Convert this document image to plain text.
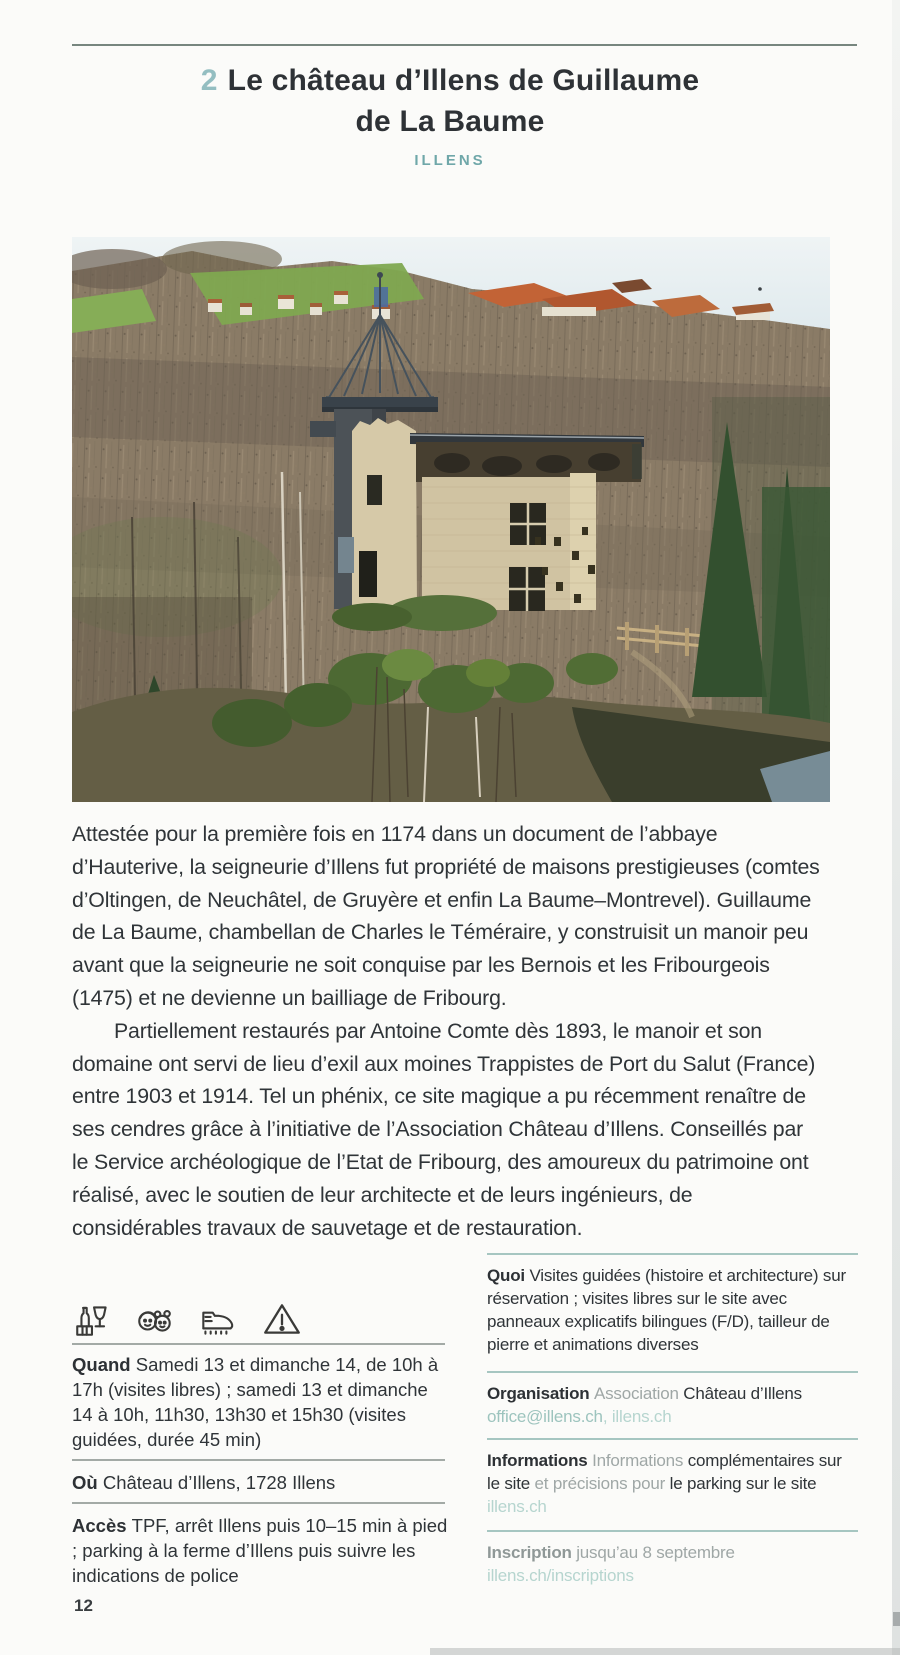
2 Le château d’Illens de Guillaume
de La Baume
ILLENS

Attestée pour la première fois en 1174 dans un document de l’abbaye d’Hauterive, la seigneurie d’Illens fut propriété de maisons prestigieuses (comtes d’Oltingen, de Neuchâtel, de Gruyère et enfin La Baume–Montrevel). Guillaume de La Baume, chambellan de Charles le Téméraire, y construisit un manoir peu avant que la seigneurie ne soit conquise par les Bernois et les Fribourgeois (1475) et ne devienne un bailliage de Fribourg.

Partiellement restaurés par Antoine Comte dès 1893, le manoir et son domaine ont servi de lieu d’exil aux moines Trappistes de Port du Salut (France) entre 1903 et 1914. Tel un phénix, ce site magique a pu récemment renaître de ses cendres grâce à l’initiative de l’Association Château d’Illens. Conseillés par le Service archéologique de l’Etat de Fribourg, des amoureux du patrimoine ont réalisé, avec le soutien de leur architecte et de leurs ingénieurs, de considérables travaux de sauvetage et de restauration.

Quand Samedi 13 et dimanche 14, de 10h à 17h (visites libres) ; samedi 13 et dimanche 14 à 10h, 11h30, 13h30 et 15h30 (visites guidées, durée 45 min)
Où Château d’Illens, 1728 Illens
Accès TPF, arrêt Illens puis 10–15 min à pied ; parking à la ferme d’Illens puis suivre les indications de police
Quoi Visites guidées (histoire et architecture) sur réservation ; visites libres sur le site avec panneaux explicatifs bilingues (F/D), tailleur de pierre et animations diverses
Organisation Association Château d’Illens
office@illens.ch, illens.ch
Informations Informations complémentaires sur le site et précisions pour le parking sur le site illens.ch
Inscription jusqu’au 8 septembre
illens.ch/inscriptions
12
